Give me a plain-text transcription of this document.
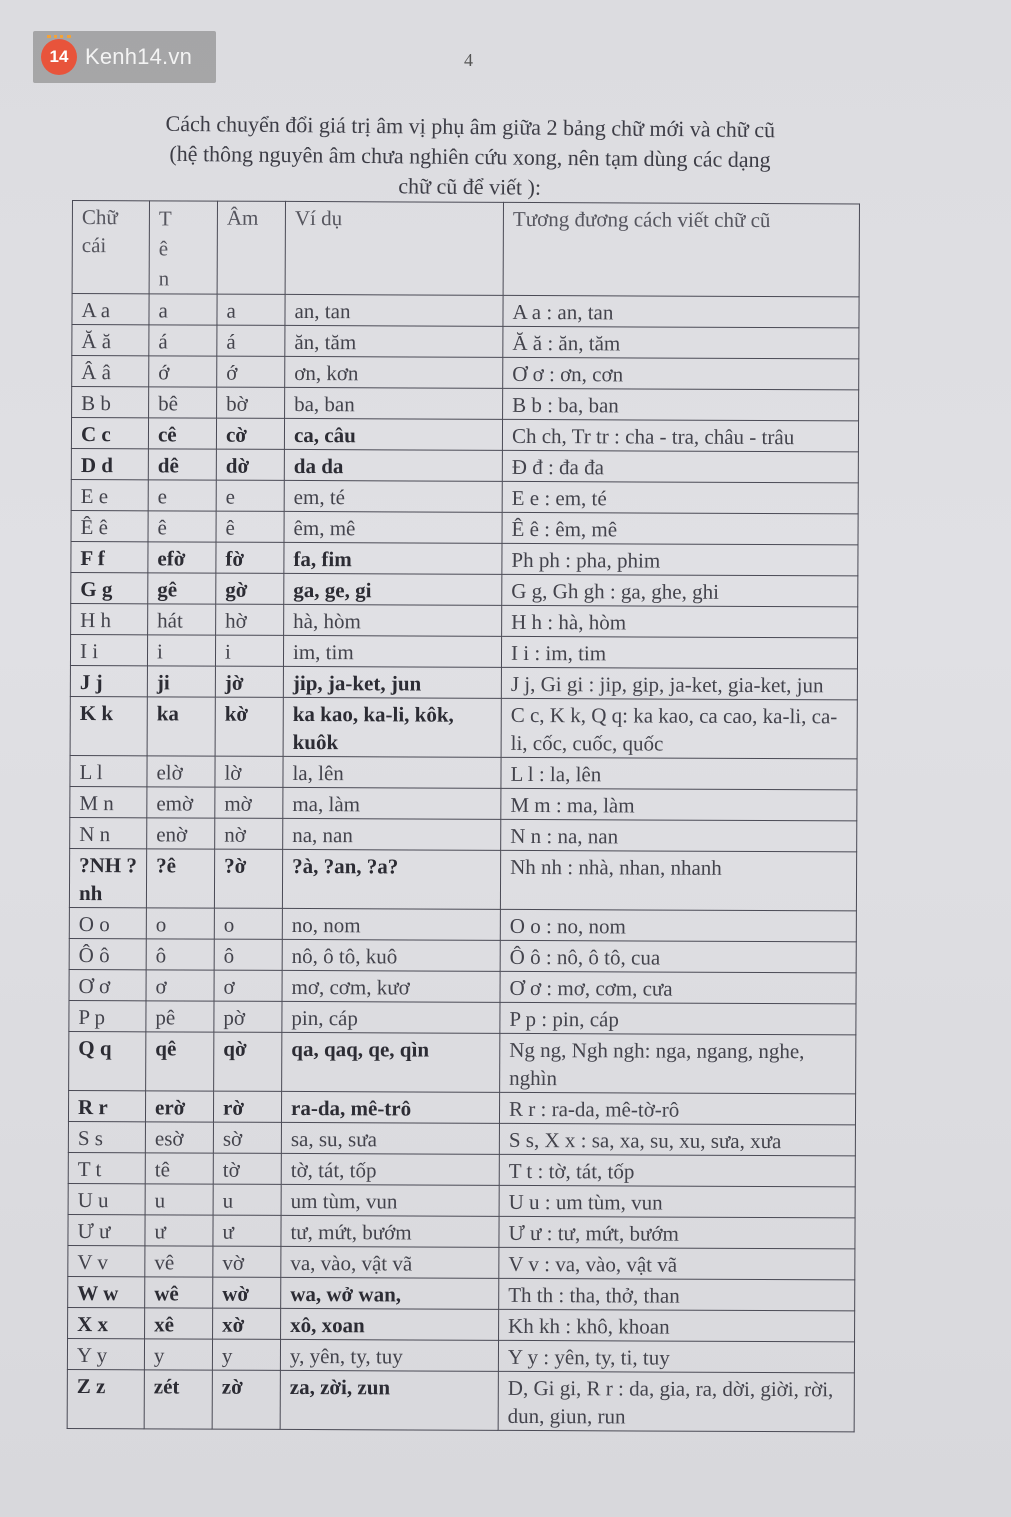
14 Kenh14.vn	4
Cách chuyển đổi giá trị âm vị phụ âm giữa 2 bảng chữ mới và chữ cũ
(hệ thông nguyên âm chưa nghiên cứu xong, nên tạm dùng các dạng
chữ cũ để viết ):
Chữ cái	T ê n	Âm	Ví dụ	Tương đương cách viết chữ cũ
A a	a	a	an, tan	A a : an, tan
Ă ă	á	á	ăn, tăm	Ă ă : ăn, tăm
Â â	ớ	ớ	ơn, kơn	Ơ ơ : ơn, cơn
B b	bê	bờ	ba, ban	B b : ba, ban
C c	cê	cờ	ca, câu	Ch ch, Tr tr : cha - tra, châu - trâu
D d	dê	dờ	da da	Đ đ : đa đa
E e	e	e	em, té	E e : em, té
Ê ê	ê	ê	êm, mê	Ê ê : êm, mê
F f	efờ	fờ	fa, fim	Ph ph : pha, phim
G g	gê	gờ	ga, ge, gi	G g, Gh gh : ga, ghe, ghi
H h	hát	hờ	hà, hòm	H h : hà, hòm
I i	i	i	im, tim	I i : im, tim
J j	ji	jờ	jip, ja-ket, jun	J j, Gi gi : jip, gip, ja-ket, gia-ket, jun
K k	ka	kờ	ka kao, ka-li, kôk, kuôk	C c, K k, Q q: ka kao, ca cao, ka-li, ca-li, cốc, cuốc, quốc
L l	elờ	lờ	la, lên	L l : la, lên
M n	emờ	mờ	ma, làm	M m : ma, làm
N n	enờ	nờ	na, nan	N n : na, nan
?NH ?nh	?ê	?ờ	?à, ?an, ?a?	Nh nh : nhà, nhan, nhanh
O o	o	o	no, nom	O o : no, nom
Ô ô	ô	ô	nô, ô tô, kuô	Ô ô : nô, ô tô, cua
Ơ ơ	ơ	ơ	mơ, cơm, kươ	Ơ ơ : mơ, cơm, cưa
P p	pê	pờ	pin, cáp	P p : pin, cáp
Q q	qê	qờ	qa, qaq, qe, qìn	Ng ng, Ngh ngh: nga, ngang, nghe, nghìn
R r	erờ	rờ	ra-da, mê-trô	R r : ra-da, mê-tờ-rô
S s	esờ	sờ	sa, su, sưa	S s, X x : sa, xa, su, xu, sưa, xưa
T t	tê	tờ	tờ, tát, tốp	T t : tờ, tát, tốp
U u	u	u	um tùm, vun	U u : um tùm, vun
Ư ư	ư	ư	tư, mứt, bướm	Ư ư : tư, mứt, bướm
V v	vê	vờ	va, vào, vật vã	V v : va, vào, vật vã
W w	wê	wờ	wa, wở wan,	Th th : tha, thở, than
X x	xê	xờ	xô, xoan	Kh kh : khô, khoan
Y y	y	y	y, yên, ty, tuy	Y y : yên, ty, ti, tuy
Z z	zét	zờ	za, zời, zun	D, Gi gi, R r : da, gia, ra, dời, giời, rời, dun, giun, run
